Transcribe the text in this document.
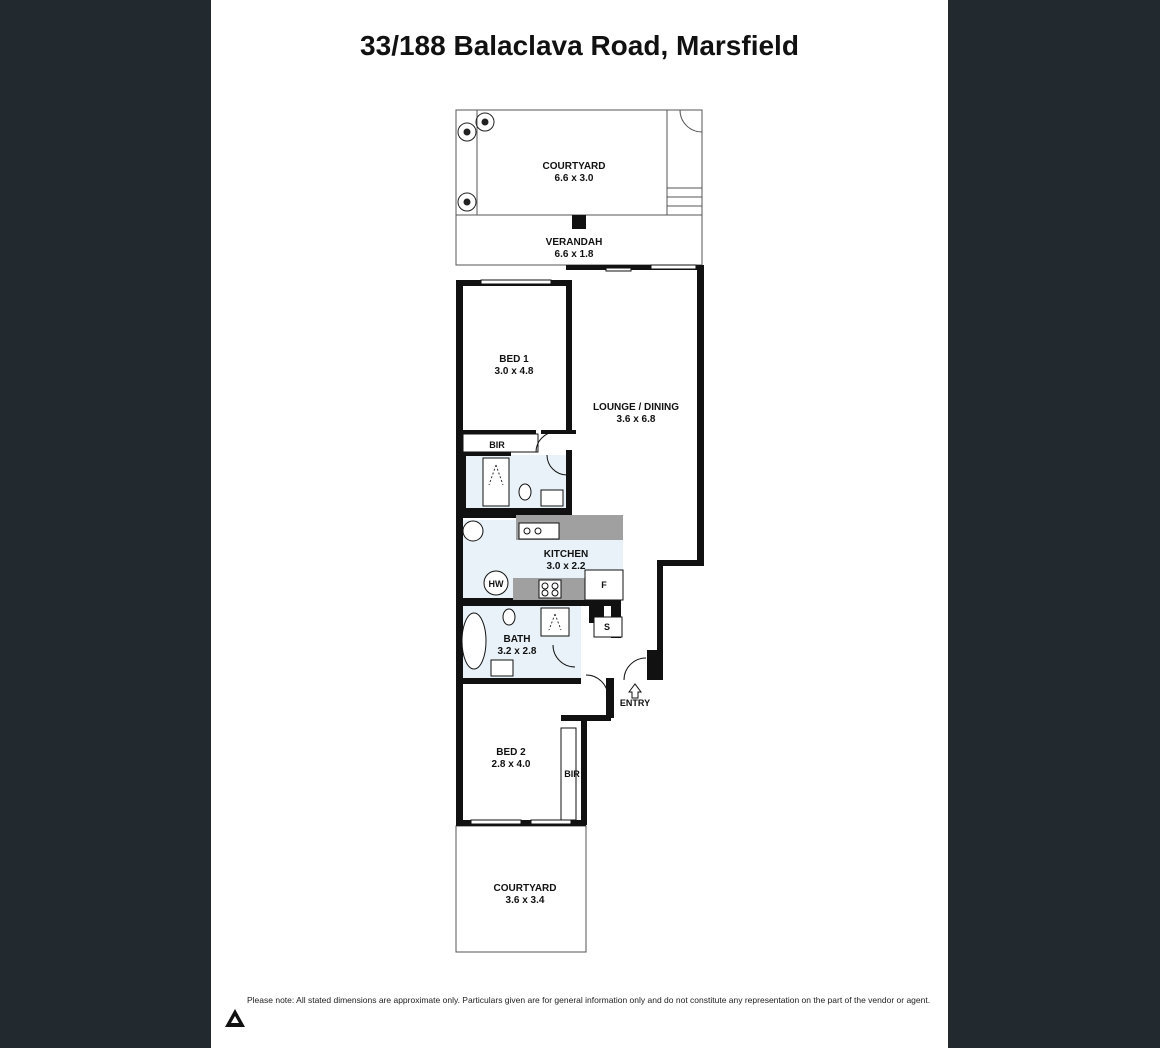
33/188 Balaclava Road, Marsfield
COURTYARD
6.6 x 3.0
VERANDAH
6.6 x 1.8
BED 1
3.0 x 4.8
LOUNGE / DINING
3.6 x 6.8
KITCHEN
3.0 x 2.2
BATH
3.2 x 2.8
BED 2
2.8 x 4.0
COURTYARD
3.6 x 3.4
BIR
BIR
HW	F
S
ENTRY
Please note: All stated dimensions are approximate only. Particulars given are for general information only and do not constitute any representation on the part of the vendor or agent.
